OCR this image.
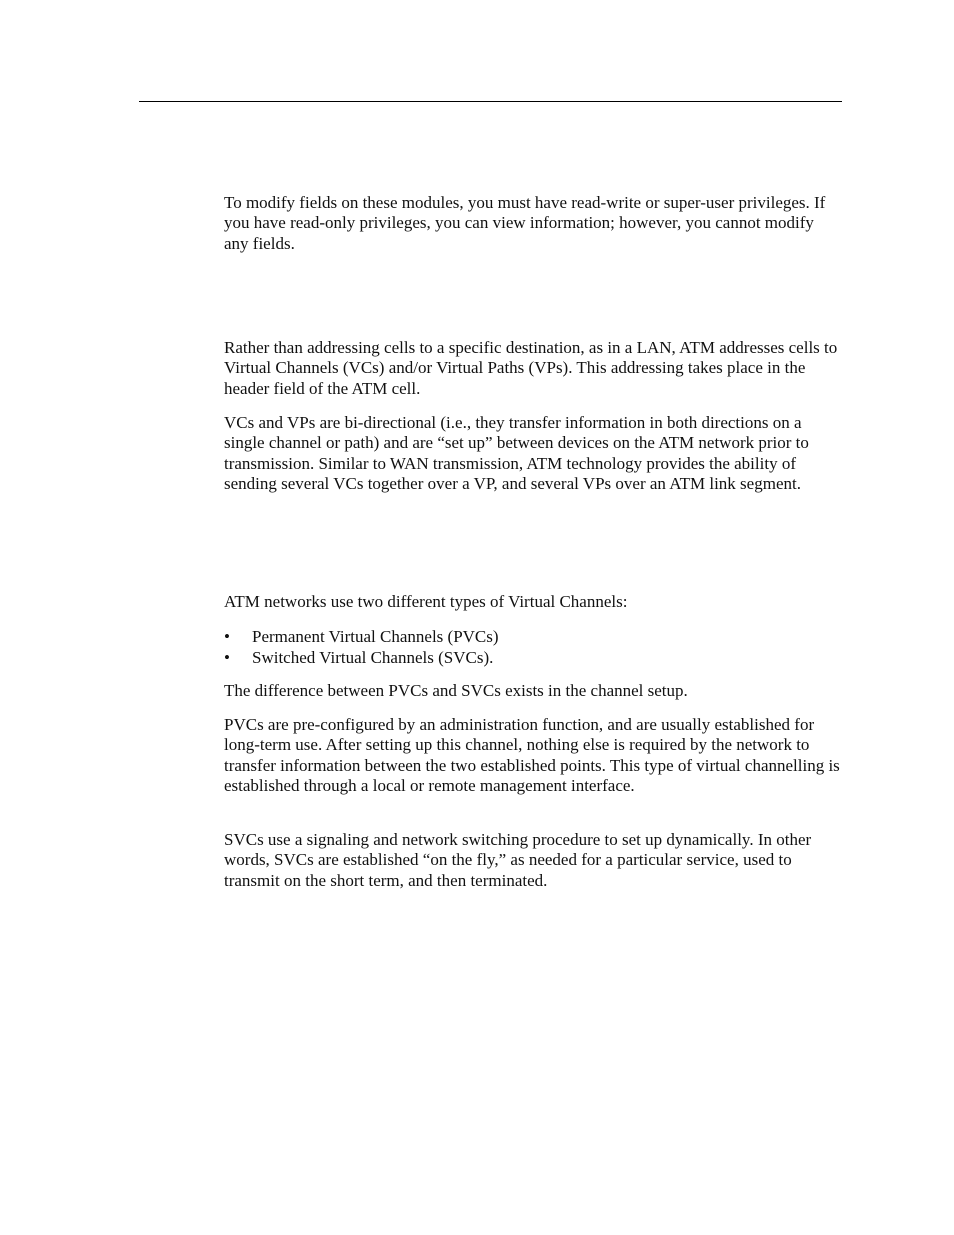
To modify fields on these modules, you must have read-write or super-user privileges. If you have read-only privileges, you can view information; however, you cannot modify any fields.

Rather than addressing cells to a specific destination, as in a LAN, ATM addresses cells to Virtual Channels (VCs) and/or Virtual Paths (VPs). This addressing takes place in the header field of the ATM cell.

VCs and VPs are bi-directional (i.e., they transfer information in both directions on a single channel or path) and are “set up” between devices on the ATM network prior to transmission. Similar to WAN transmission, ATM technology provides the ability of sending several VCs together over a VP, and several VPs over an ATM link segment.

ATM networks use two different types of Virtual Channels:

• Permanent Virtual Channels (PVCs)
• Switched Virtual Channels (SVCs).

The difference between PVCs and SVCs exists in the channel setup.

PVCs are pre-configured by an administration function, and are usually established for long-term use. After setting up this channel, nothing else is required by the network to transfer information between the two established points. This type of virtual channelling is established through a local or remote management interface.

SVCs use a signaling and network switching procedure to set up dynamically. In other words, SVCs are established “on the fly,” as needed for a particular service, used to transmit on the short term, and then terminated.
